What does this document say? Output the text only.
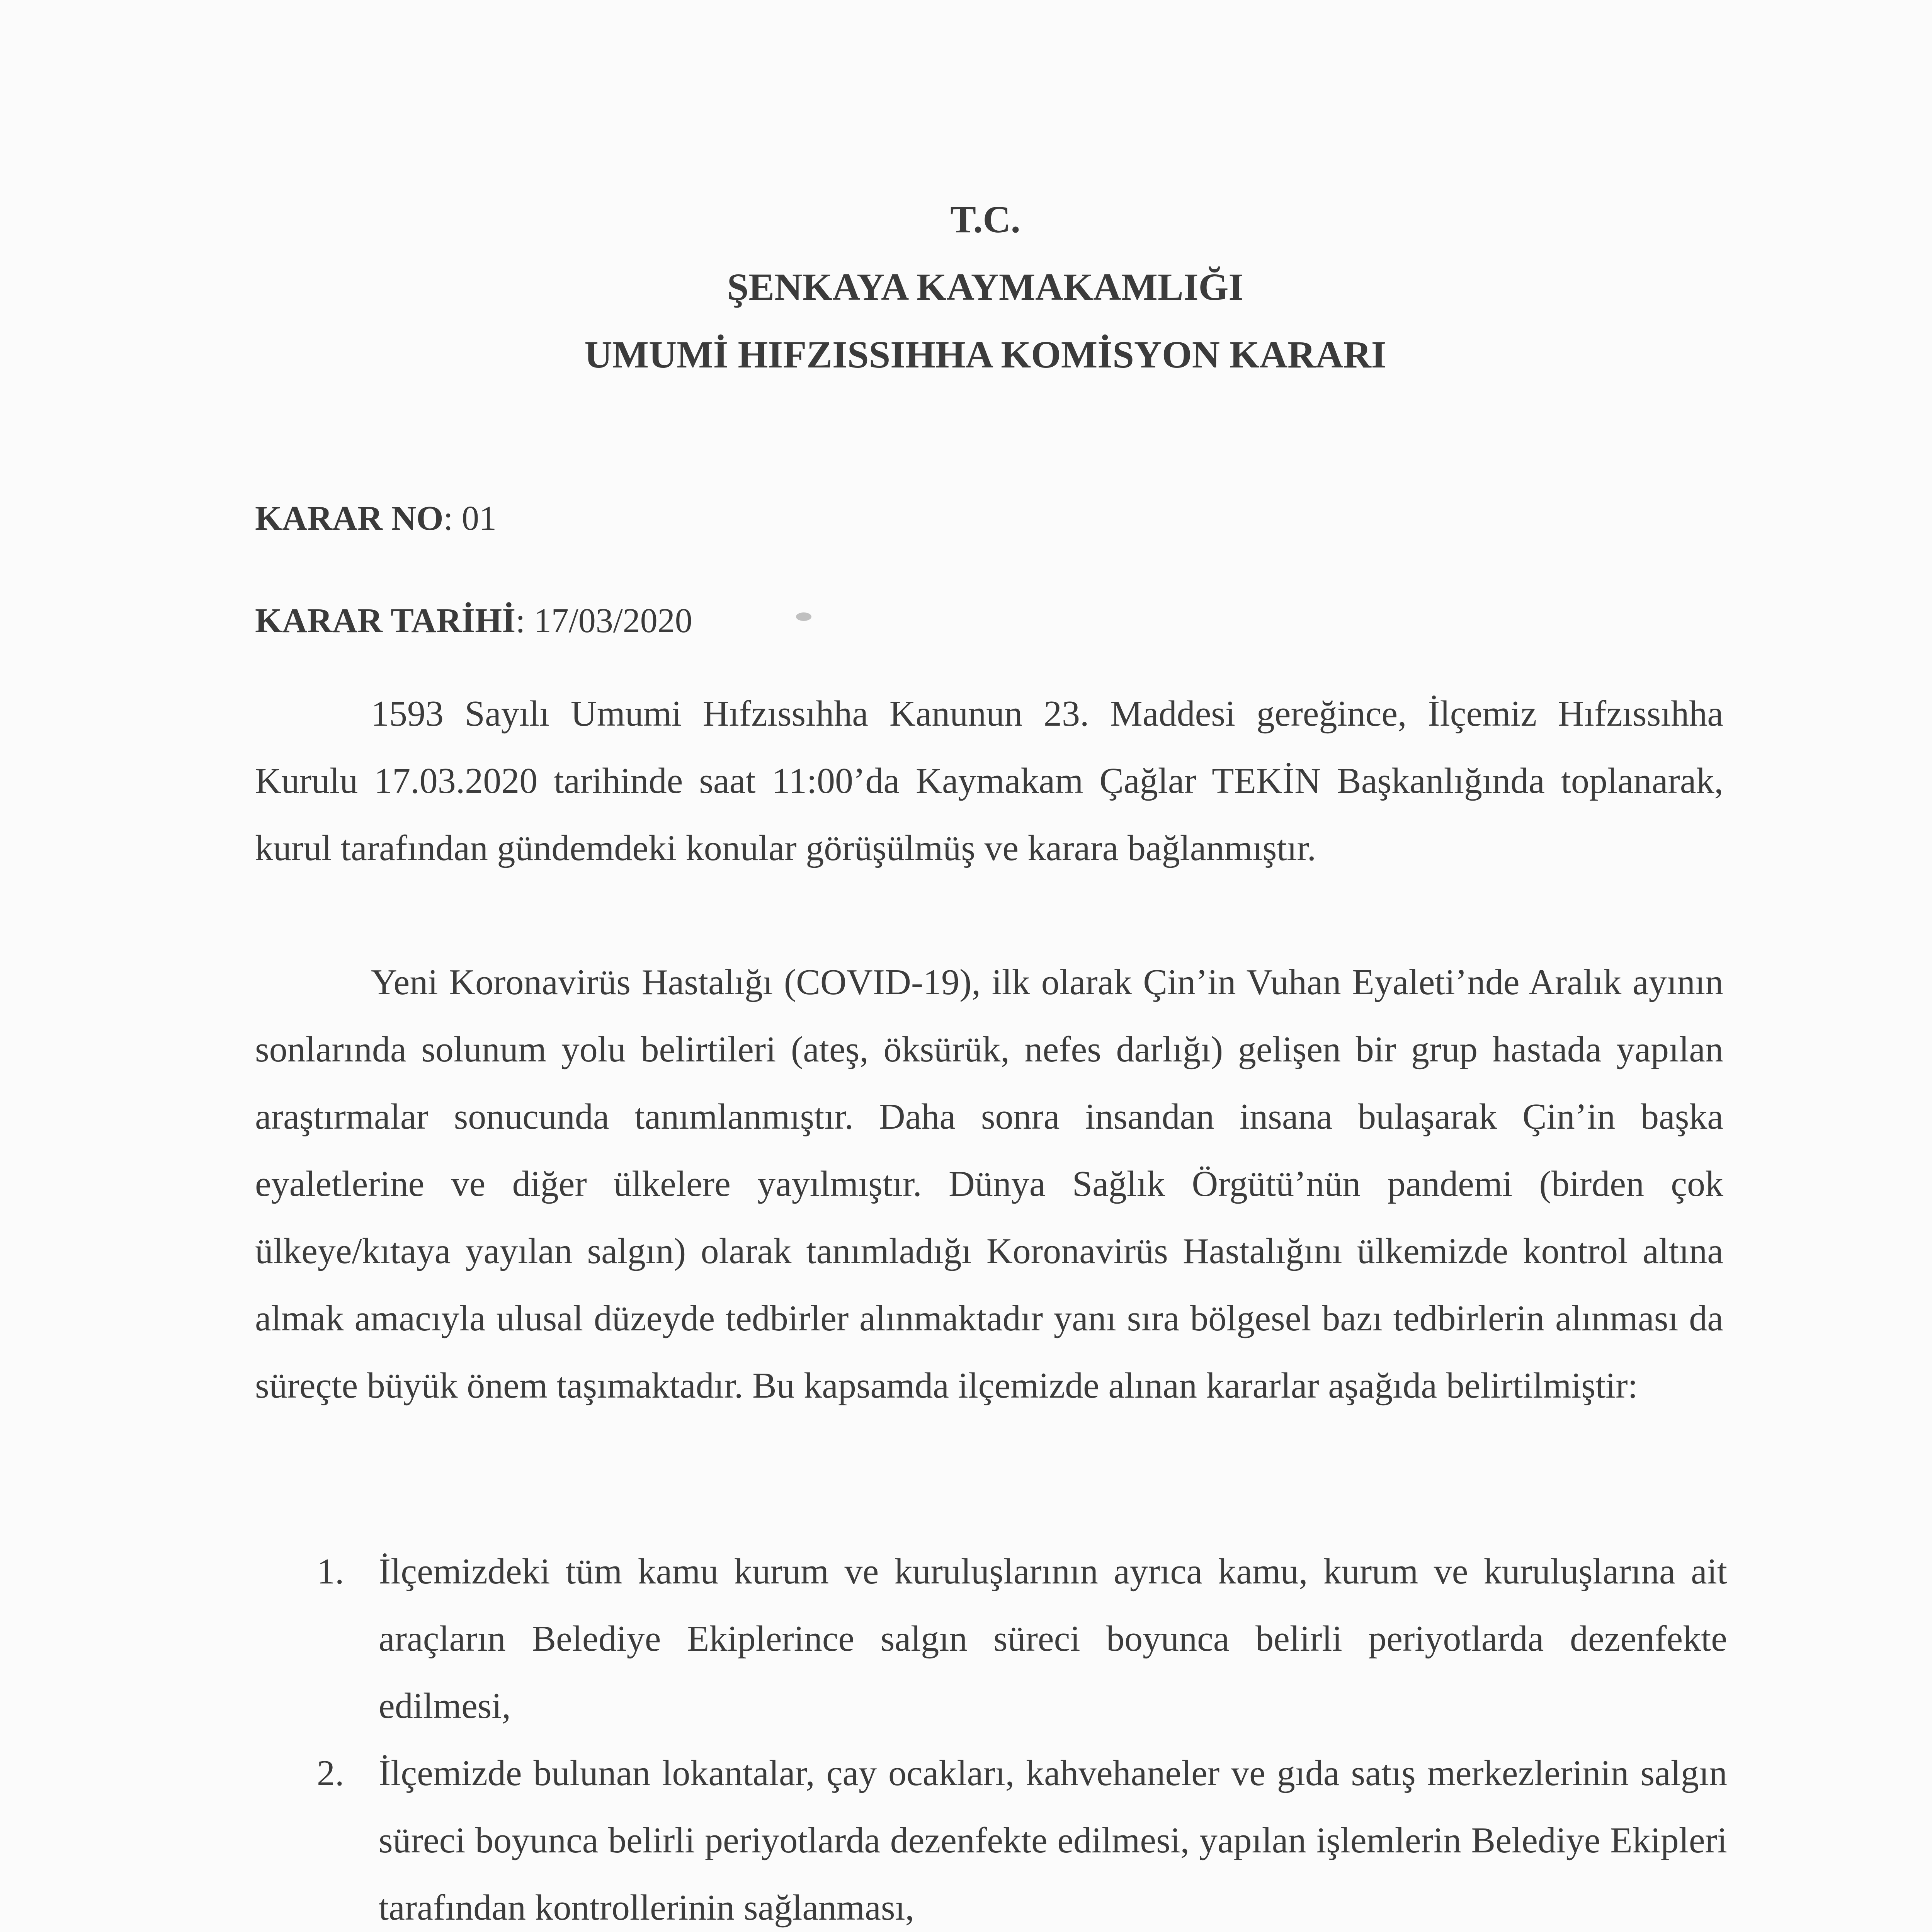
T.C.
ŞENKAYA KAYMAKAMLIĞI
UMUMİ HIFZISSIHHA KOMİSYON KARARI
KARAR NO: 01
KARAR TARİHİ: 17/03/2020

1593 Sayılı Umumi Hıfzıssıhha Kanunun 23. Maddesi gereğince, İlçemiz Hıfzıssıhha Kurulu 17.03.2020 tarihinde saat 11:00’da Kaymakam Çağlar TEKİN Başkanlığında toplanarak, kurul tarafından gündemdeki konular görüşülmüş ve karara bağlanmıştır.

Yeni Koronavirüs Hastalığı (COVID-19), ilk olarak Çin’in Vuhan Eyaleti’nde Aralık ayının sonlarında solunum yolu belirtileri (ateş, öksürük, nefes darlığı) gelişen bir grup hastada yapılan araştırmalar sonucunda tanımlanmıştır. Daha sonra insandan insana bulaşarak Çin’in başka eyaletlerine ve diğer ülkelere yayılmıştır. Dünya Sağlık Örgütü’nün pandemi (birden çok ülkeye/kıtaya yayılan salgın) olarak tanımladığı Koronavirüs Hastalığını ülkemizde kontrol altına almak amacıyla ulusal düzeyde tedbirler alınmaktadır yanı sıra bölgesel bazı tedbirlerin alınması da süreçte büyük önem taşımaktadır. Bu kapsamda ilçemizde alınan kararlar aşağıda belirtilmiştir:

1. İlçemizdeki tüm kamu kurum ve kuruluşlarının ayrıca kamu, kurum ve kuruluşlarına ait araçların Belediye Ekiplerince salgın süreci boyunca belirli periyotlarda dezenfekte edilmesi,
2. İlçemizde bulunan lokantalar, çay ocakları, kahvehaneler ve gıda satış merkezlerinin salgın süreci boyunca belirli periyotlarda dezenfekte edilmesi, yapılan işlemlerin Belediye Ekipleri tarafından kontrollerinin sağlanması,
